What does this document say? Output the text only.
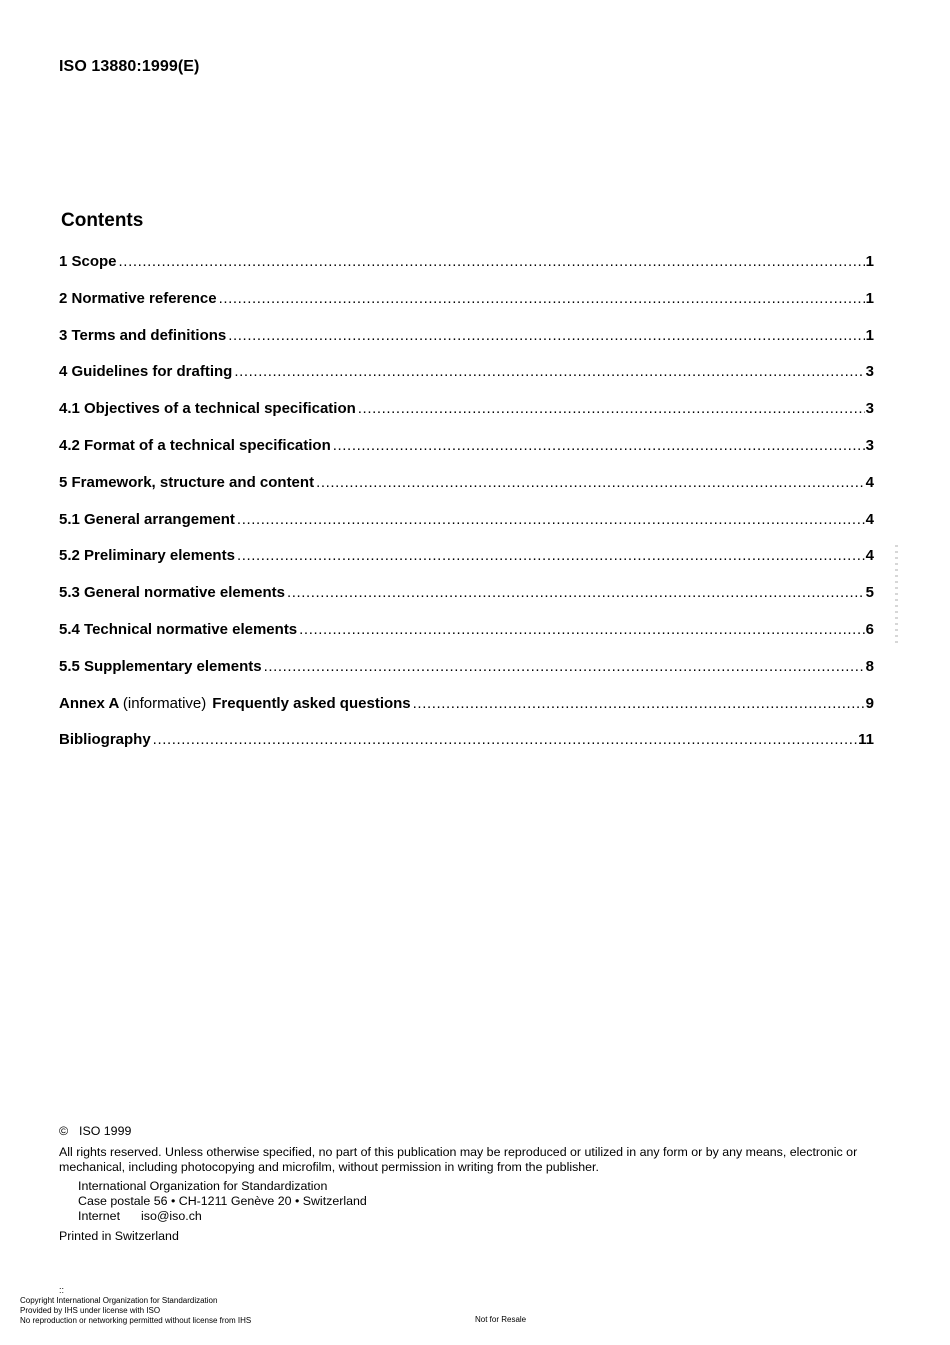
ISO 13880:1999(E)
Contents
1 Scope .....	1
2 Normative reference .....	1
3 Terms and definitions .....	1
4 Guidelines for drafting .....	3
4.1 Objectives of a technical specification .....	3
4.2 Format of a technical specification .....	3
5 Framework, structure and content .....	4
5.1 General arrangement .....	4
5.2 Preliminary elements .....	4
5.3 General normative elements .....	5
5.4 Technical normative elements .....	6
5.5 Supplementary elements .....	8
Annex A (informative) Frequently asked questions .....	9
Bibliography .....	11
© ISO 1999
All rights reserved. Unless otherwise specified, no part of this publication may be reproduced or utilized in any form or by any means, electronic or mechanical, including photocopying and microfilm, without permission in writing from the publisher.
International Organization for Standardization
Case postale 56 • CH-1211 Genève 20 • Switzerland
Internet iso@iso.ch
Printed in Switzerland
::
Copyright International Organization for Standardization
Provided by IHS under license with ISO
No reproduction or networking permitted without license from IHS	Not for Resale
